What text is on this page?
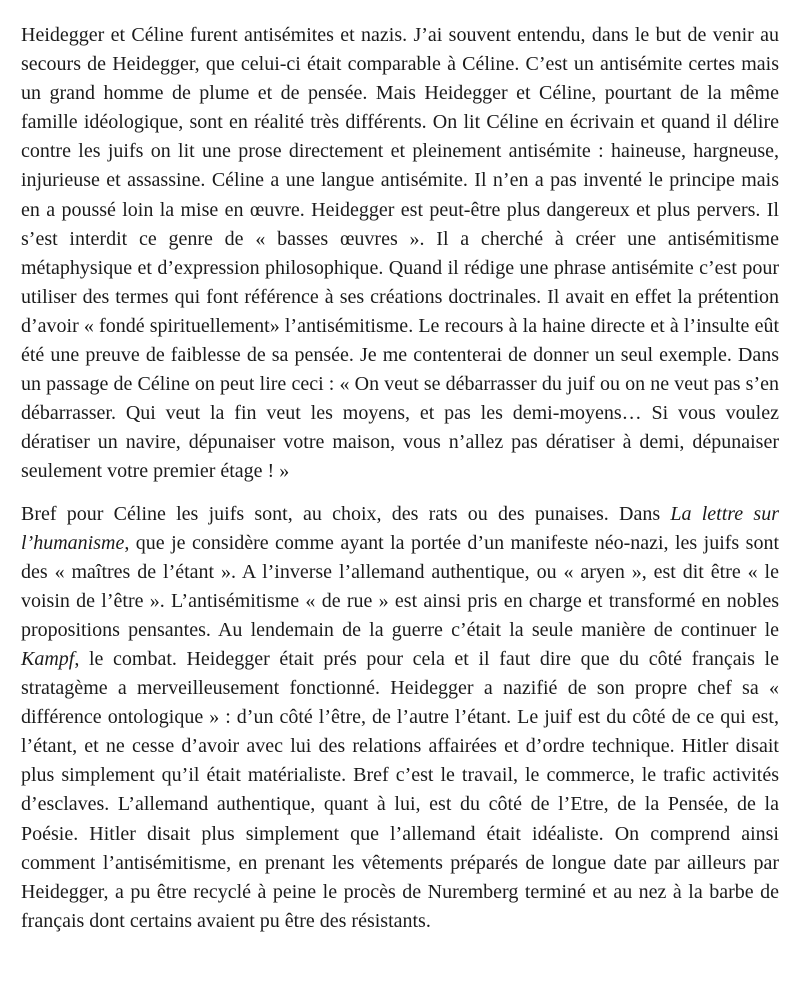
Heidegger et Céline furent antisémites et nazis. J’ai souvent entendu, dans le but de venir au secours de Heidegger, que celui-ci était comparable à Céline. C’est un antisémite certes mais un grand homme de plume et de pensée. Mais Heidegger et Céline, pourtant de la même famille idéologique, sont en réalité très différents. On lit Céline en écrivain et quand il délire contre les juifs on lit une prose directement et pleinement antisémite : haineuse, hargneuse, injurieuse et assassine. Céline a une langue antisémite. Il n’en a pas inventé le principe mais en a poussé loin la mise en œuvre. Heidegger est peut-être plus dangereux et plus pervers. Il s’est interdit ce genre de « basses œuvres ». Il a cherché à créer une antisémitisme métaphysique et d’expression philosophique. Quand il rédige une phrase antisémite c’est pour utiliser des termes qui font référence à ses créations doctrinales. Il avait en effet la prétention d’avoir « fondé spirituellement» l’antisémitisme. Le recours à la haine directe et à l’insulte eût été une preuve de faiblesse de sa pensée. Je me contenterai de donner un seul exemple. Dans un passage de Céline on peut lire ceci : « On veut se débarrasser du juif ou on ne veut pas s’en débarrasser. Qui veut la fin veut les moyens, et pas les demi-moyens… Si vous voulez dératiser un navire, dépunaiser votre maison, vous n’allez pas dératiser à demi, dépunaiser seulement votre premier étage ! »

Bref pour Céline les juifs sont, au choix, des rats ou des punaises. Dans La lettre sur l’humanisme, que je considère comme ayant la portée d’un manifeste néo-nazi, les juifs sont des « maîtres de l’étant ». A l’inverse l’allemand authentique, ou « aryen », est dit être « le voisin de l’être ». L’antisémitisme « de rue » est ainsi pris en charge et transformé en nobles propositions pensantes. Au lendemain de la guerre c’était la seule manière de continuer le Kampf, le combat. Heidegger était prés pour cela et il faut dire que du côté français le stratagème a merveilleusement fonctionné. Heidegger a nazifié de son propre chef sa « différence ontologique » : d’un côté l’être, de l’autre l’étant. Le juif est du côté de ce qui est, l’étant, et ne cesse d’avoir avec lui des relations affairées et d’ordre technique. Hitler disait plus simplement qu’il était matérialiste. Bref c’est le travail, le commerce, le trafic activités d’esclaves. L’allemand authentique, quant à lui, est du côté de l’Etre, de la Pensée, de la Poésie. Hitler disait plus simplement que l’allemand était idéaliste. On comprend ainsi comment l’antisémitisme, en prenant les vêtements préparés de longue date par ailleurs par Heidegger, a pu être recyclé à peine le procès de Nuremberg terminé et au nez à la barbe de français dont certains avaient pu être des résistants.
